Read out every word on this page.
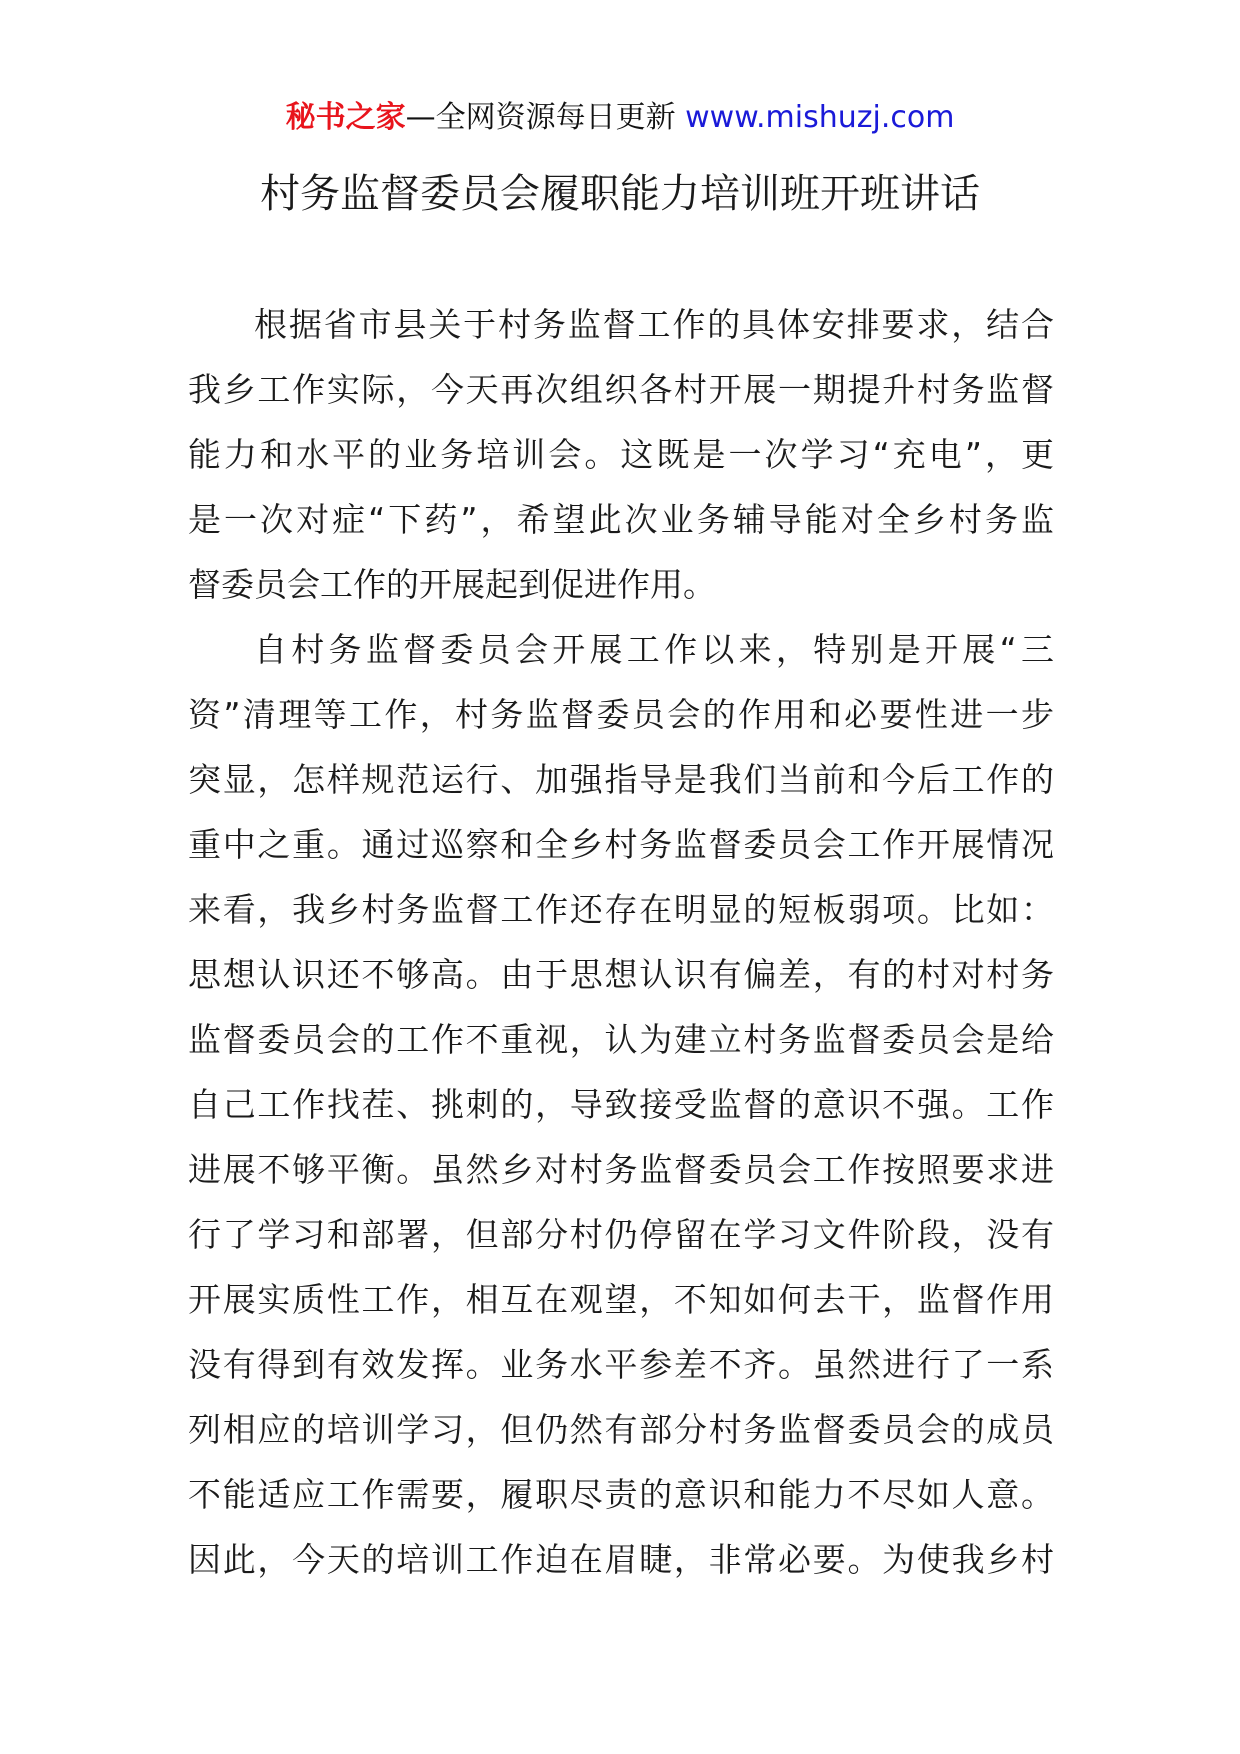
秘书之家—全网资源每日更新 www.mishuzj.com
村务监督委员会履职能力培训班开班讲话
根据省市县关于村务监督工作的具体安排要求，结合
我乡工作实际，今天再次组织各村开展一期提升村务监督
能力和水平的业务培训会。这既是一次学习“充电”，更
是一次对症“下药”，希望此次业务辅导能对全乡村务监
督委员会工作的开展起到促进作用。
自村务监督委员会开展工作以来，特别是开展“三
资”清理等工作，村务监督委员会的作用和必要性进一步
突显，怎样规范运行、加强指导是我们当前和今后工作的
重中之重。通过巡察和全乡村务监督委员会工作开展情况
来看，我乡村务监督工作还存在明显的短板弱项。比如：
思想认识还不够高。由于思想认识有偏差，有的村对村务
监督委员会的工作不重视，认为建立村务监督委员会是给
自己工作找茬、挑刺的，导致接受监督的意识不强。工作
进展不够平衡。虽然乡对村务监督委员会工作按照要求进
行了学习和部署，但部分村仍停留在学习文件阶段，没有
开展实质性工作，相互在观望，不知如何去干，监督作用
没有得到有效发挥。业务水平参差不齐。虽然进行了一系
列相应的培训学习，但仍然有部分村务监督委员会的成员
不能适应工作需要，履职尽责的意识和能力不尽如人意。
因此，今天的培训工作迫在眉睫，非常必要。为使我乡村
